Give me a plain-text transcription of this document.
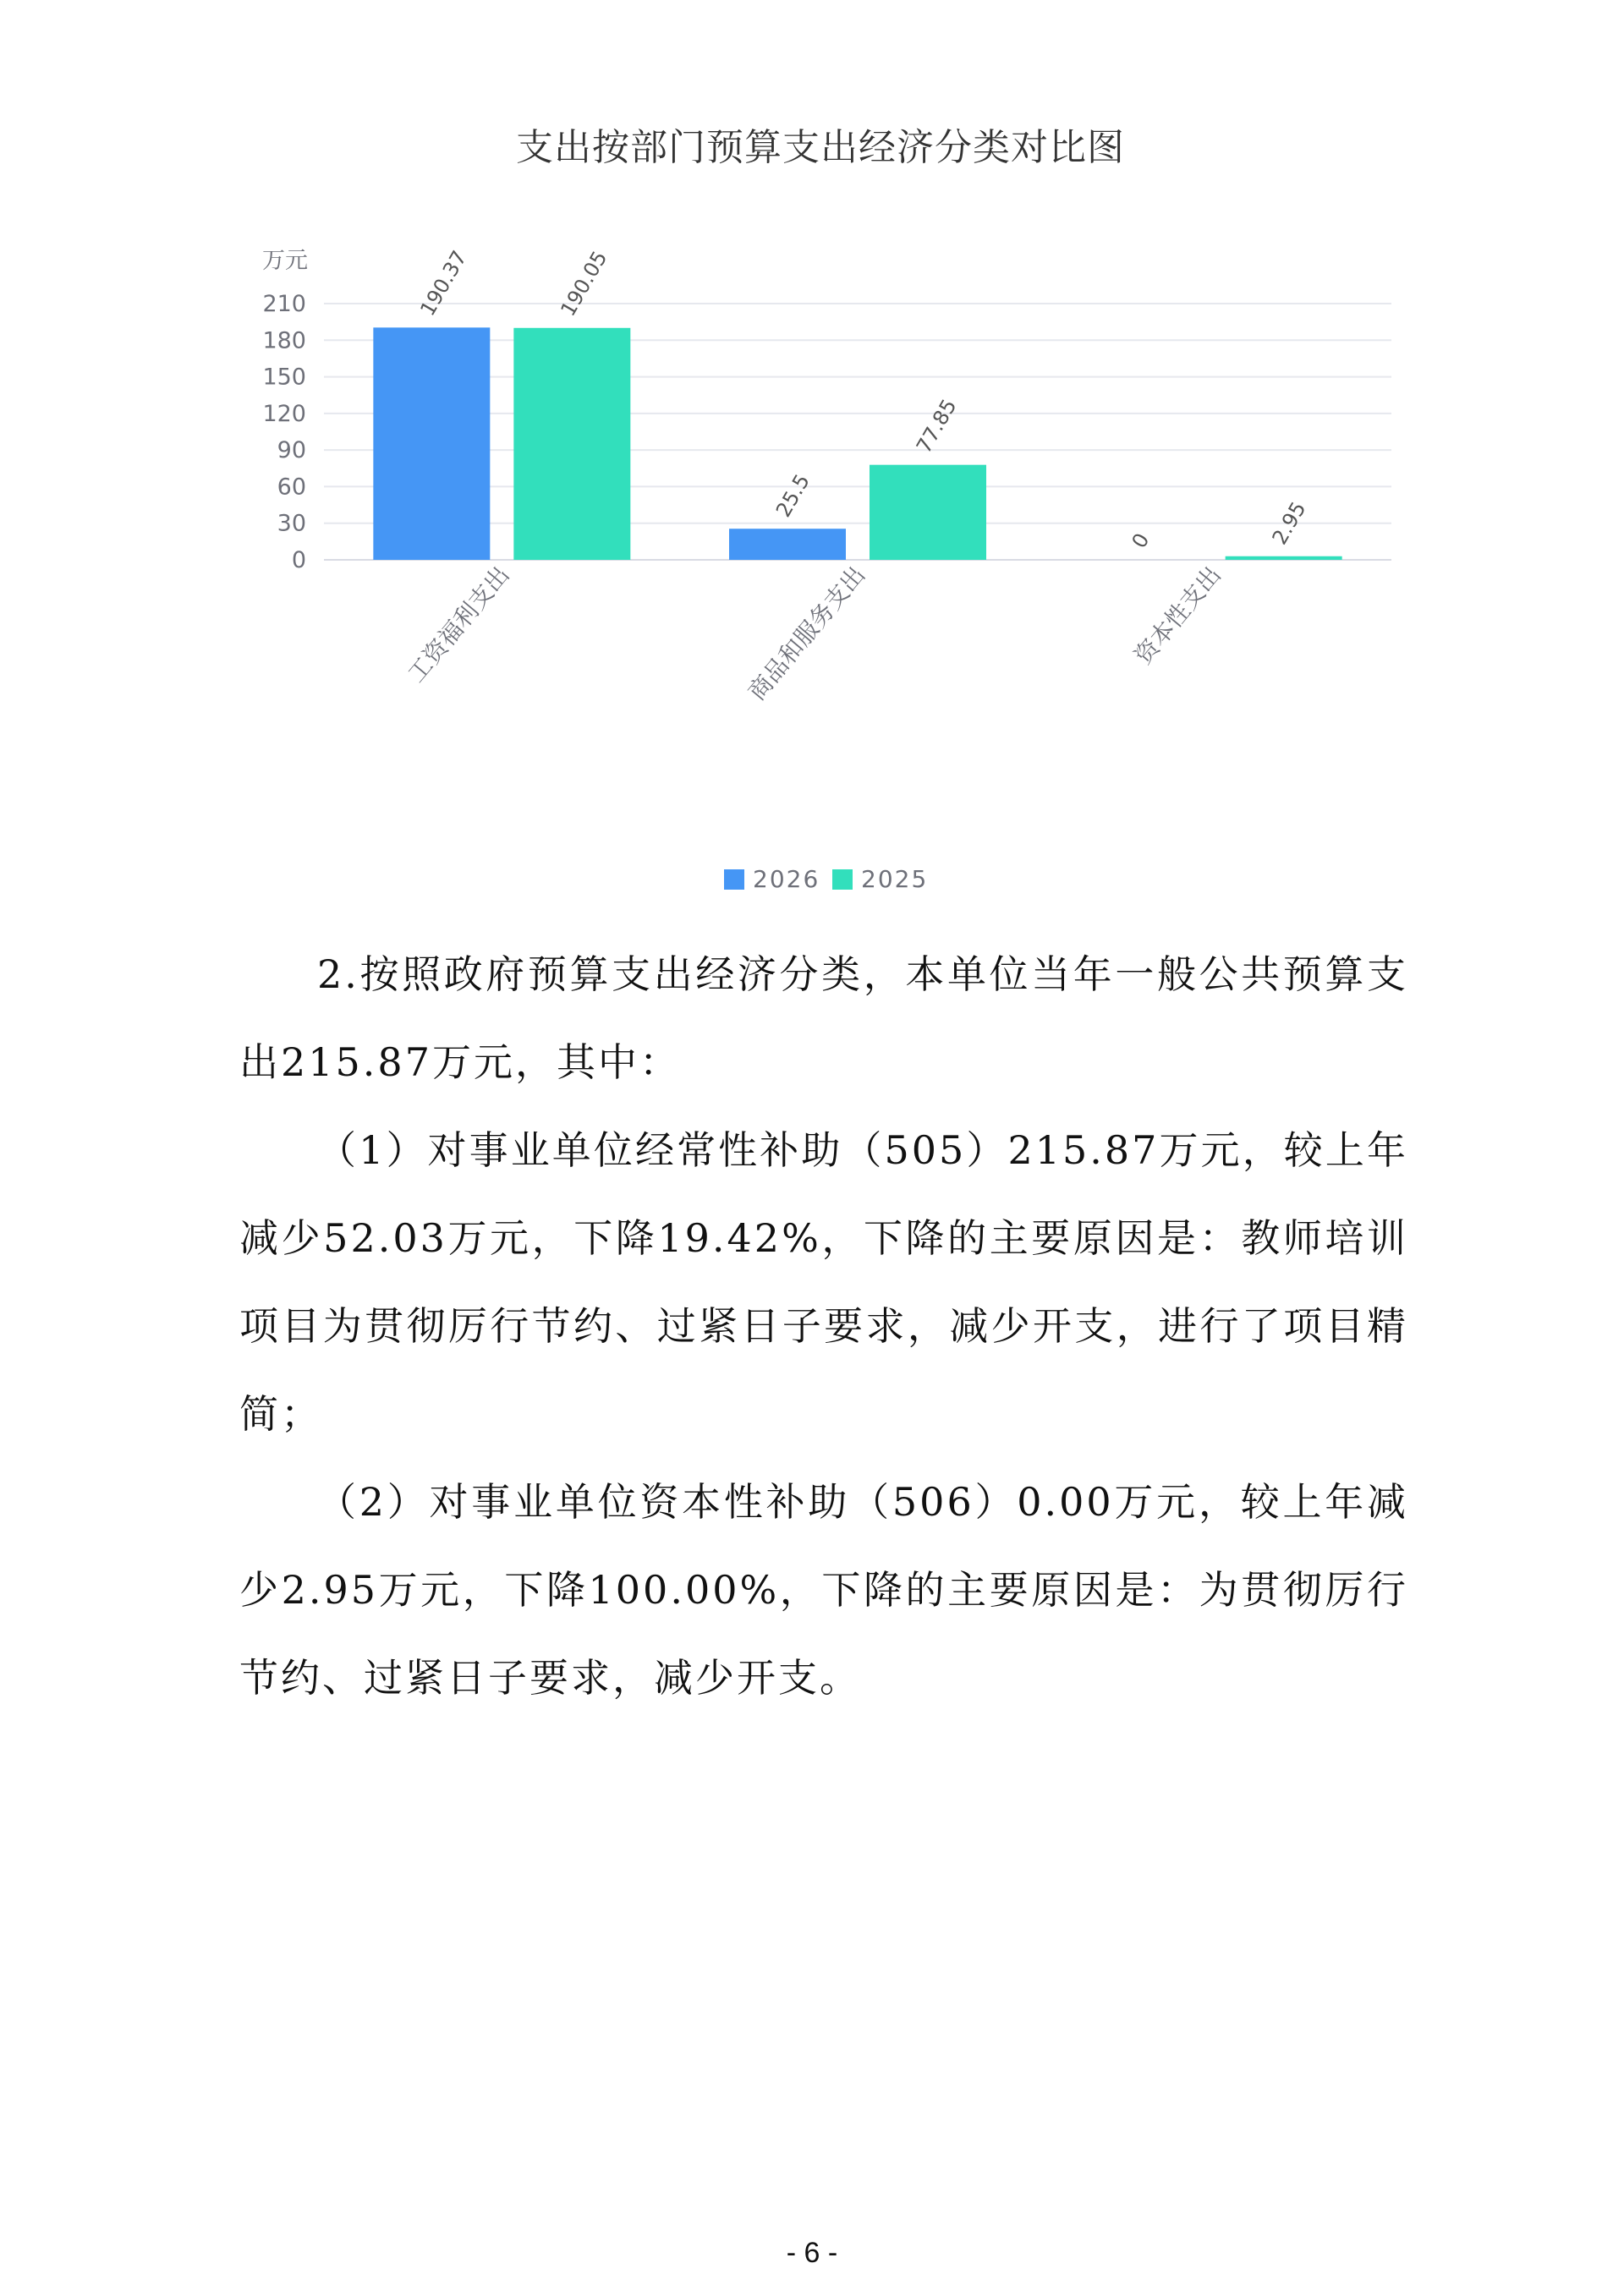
支出按部门预算支出经济分类对比图
万元
0
30
60
90
120
150
180
210	190.37	190.05
工资福利支出
25.5
77.85
商品和服务支出
0	2.95
资本性支出
2026 2025

2.按照政府预算支出经济分类，本单位当年一般公共预算支出215.87万元，其中：

（1）对事业单位经常性补助（505）215.87万元，较上年减少52.03万元，下降19.42%，下降的主要原因是：教师培训项目为贯彻厉行节约、过紧日子要求，减少开支，进行了项目精简；

（2）对事业单位资本性补助（506）0.00万元，较上年减少2.95万元，下降100.00%，下降的主要原因是：为贯彻厉行节约、过紧日子要求，减少开支。

- 6 -
